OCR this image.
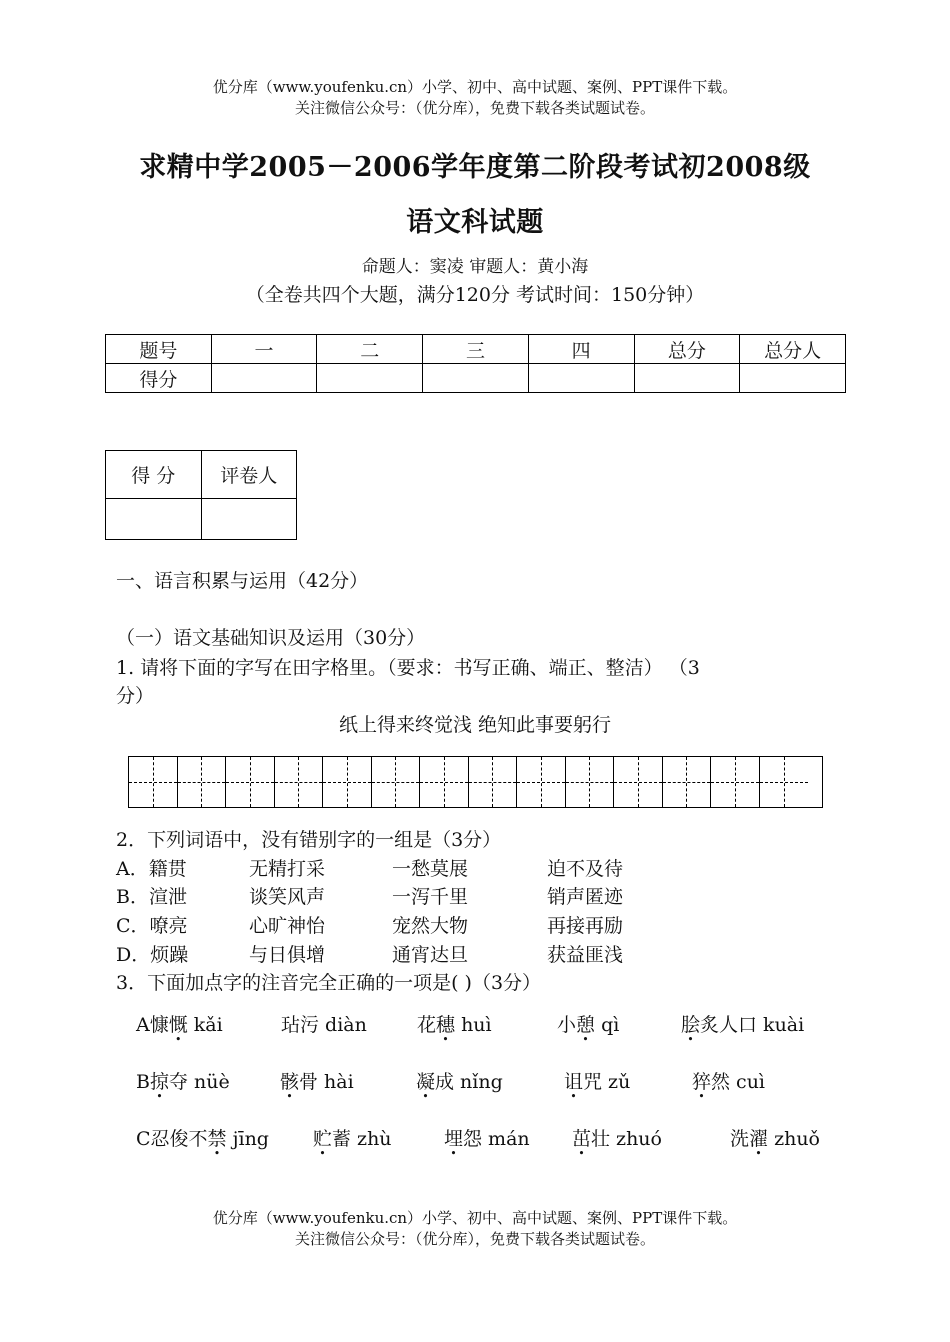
优分库（www.youfenku.cn）小学、初中、高中试题、案例、PPT课件下载。
关注微信公众号：（优分库），免费下载各类试题试卷。
求精中学2005－2006学年度第二阶段考试初2008级
语文科试题
命题人：窦凌 审题人：黄小海
（全卷共四个大题，满分120分 考试时间：150分钟）
题号	一	二	三	四	总分	总分人
得分						
得 分	评卷人

一、语言积累与运用（42分）
（一）语文基础知识及运用（30分）
1. 请将下面的字写在田字格里。（要求：书写正确、端正、整洁） （3
分）
纸上得来终觉浅 绝知此事要躬行
2．下列词语中，没有错别字的一组是（3分）
A．籍贯	无精打采	一愁莫展	迫不及待
B．渲泄	谈笑风声	一泻千里	销声匿迹
C．嘹亮	心旷神怡	宠然大物	再接再励
D．烦躁	与日俱增	通宵达旦	获益匪浅
3．下面加点字的注音完全正确的一项是( )（3分）
A慷慨 kǎi	玷污 diàn	花穗 huì	小憩 qì	脍炙人口 kuài
B掠夺 nüè	骸骨 hài	凝成 nǐng	诅咒 zǔ	猝然 cuì
C忍俊不禁 jīng 贮蓄 zhù	埋怨 mán 茁壮 zhuó	洗濯 zhuǒ
优分库（www.youfenku.cn）小学、初中、高中试题、案例、PPT课件下载。
关注微信公众号：（优分库），免费下载各类试题试卷。
